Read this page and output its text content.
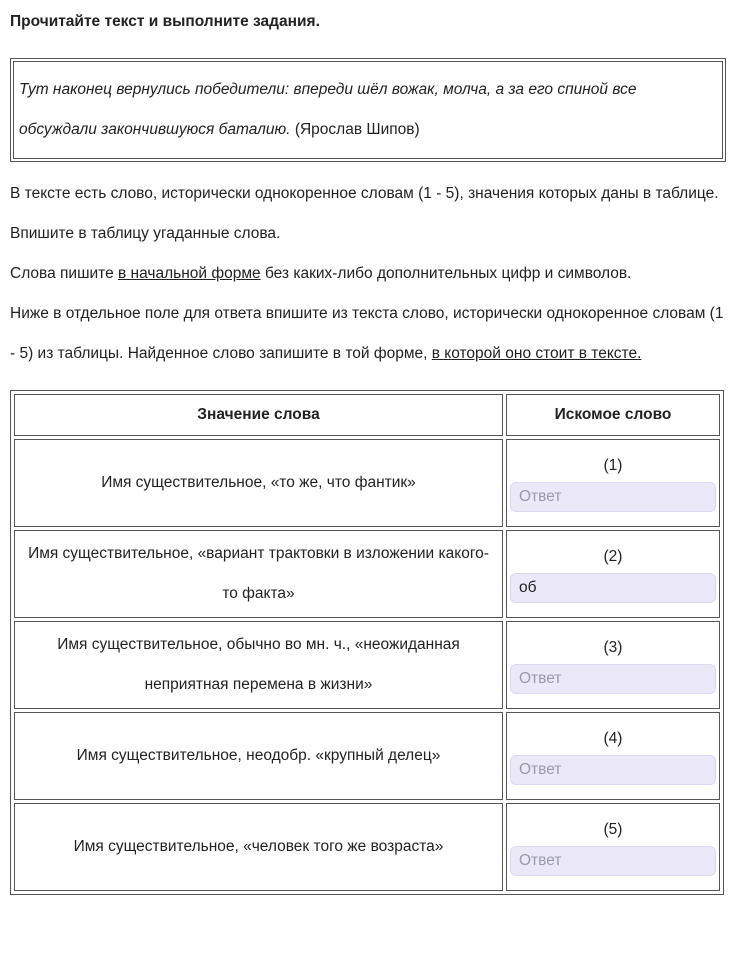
Прочитайте текст и выполните задания.
Тут наконец вернулись победители: впереди шёл вожак, молча, а за его спиной все обсуждали закончившуюся баталию. (Ярослав Шипов)

В тексте есть слово, исторически однокоренное словам (1 - 5), значения которых даны в таблице. Впишите в таблицу угаданные слова.

Слова пишите в начальной форме без каких-либо дополнительных цифр и символов.

Ниже в отдельное поле для ответа впишите из текста слово, исторически однокоренное словам (1 - 5) из таблицы. Найденное слово запишите в той форме, в которой оно стоит в тексте.

Значение слова	Искомое слово
Имя существительное, «то же, что фантик»	(1)
Ответ
Имя существительное, «вариант трактовки в изложении какого-то факта»	(2)
об
Имя существительное, обычно во мн. ч., «неожиданная неприятная перемена в жизни»	(3)
Ответ
Имя существительное, неодобр. «крупный делец»	(4)
Ответ
Имя существительное, «человек того же возраста»	(5)
Ответ
